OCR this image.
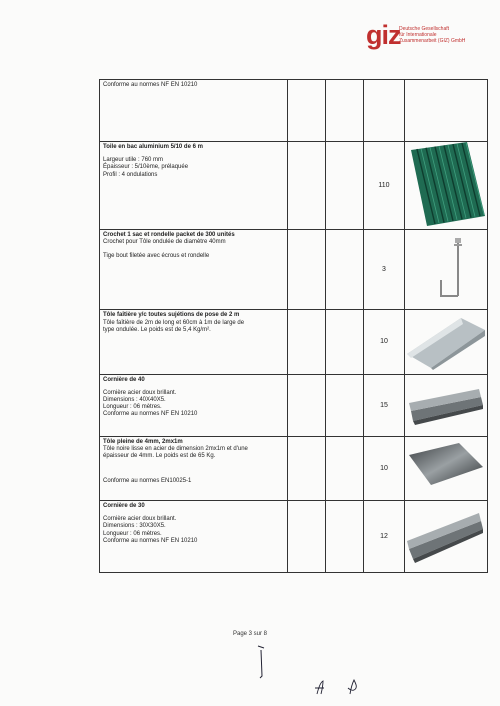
giz
Deutsche Gesellschaft
für Internationale
Zusammenarbeit (GIZ) GmbH
Conforme au normes NF EN 10210				

Toile en bac aluminium 5/10 de 6 m
Largeur utile : 760 mm
Épaisseur : 5/10ème, prélaquée
Profil : 4 ondulations			110	

Crochet 1 sac et rondelle packet de 300 unités
Crochet pour Tôle ondulée de diamètre 40mm
Tige bout filetée avec écrous et rondelle			3	

Tôle faîtière y/c toutes sujétions de pose de 2 m
Tôle faîtière de 2m de long et 60cm à 1m de large de
type ondulée. Le poids est de 5,4 Kg/m².			10	

Cornière de 40
Cornière acier doux brillant.
Dimensions : 40X40X5.
Longueur : 06 mètres.
Conforme au normes NF EN 10210			15	

Tôle pleine de 4mm, 2mx1m
Tôle noire lisse en acier de dimension 2mx1m et d'une
épaisseur de 4mm. Le poids est de 65 Kg.
Conforme au normes EN10025-1			10	

Cornière de 30
Cornière acier doux brillant.
Dimensions : 30X30X5.
Longueur : 06 mètres.
Conforme au normes NF EN 10210			12	
Page 3 sur 8
